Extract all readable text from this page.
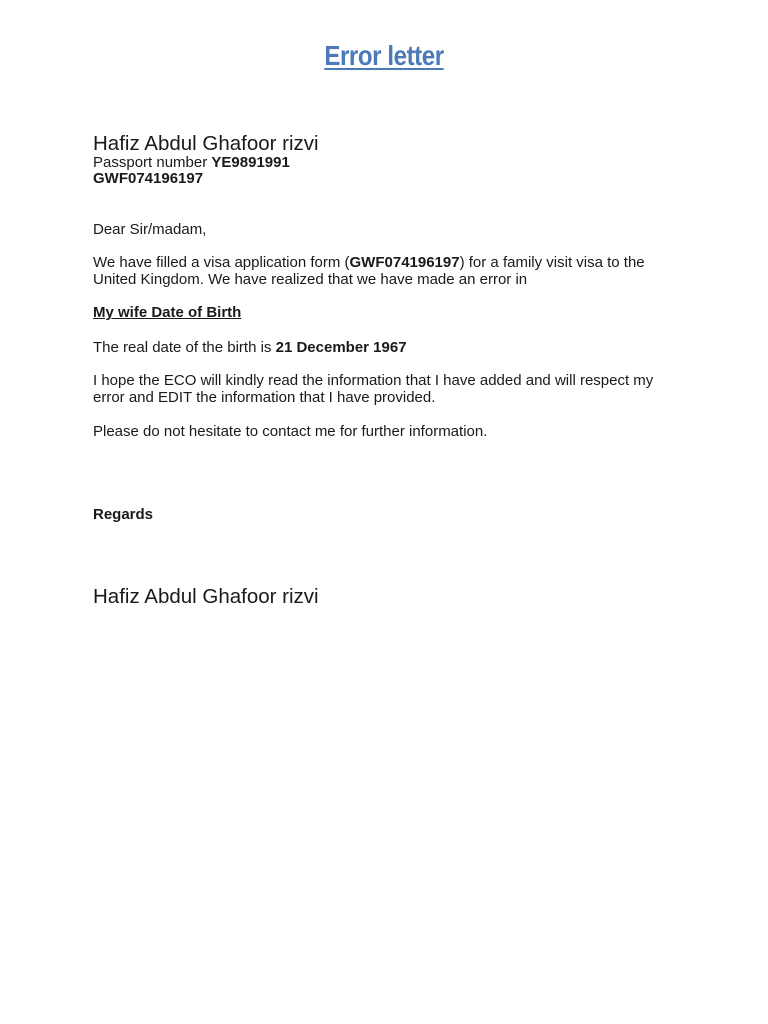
Error letter

Hafiz Abdul Ghafoor rizvi

Passport number YE9891991

GWF074196197

Dear Sir/madam,

We have filled a visa application form (GWF074196197) for a family visit visa to the United Kingdom. We have realized that we have made an error in

My wife Date of Birth

The real date of the birth is 21 December 1967

I hope the ECO will kindly read the information that I have added and will respect my error and EDIT the information that I have provided.

Please do not hesitate to contact me for further information.

Regards

Hafiz Abdul Ghafoor rizvi
